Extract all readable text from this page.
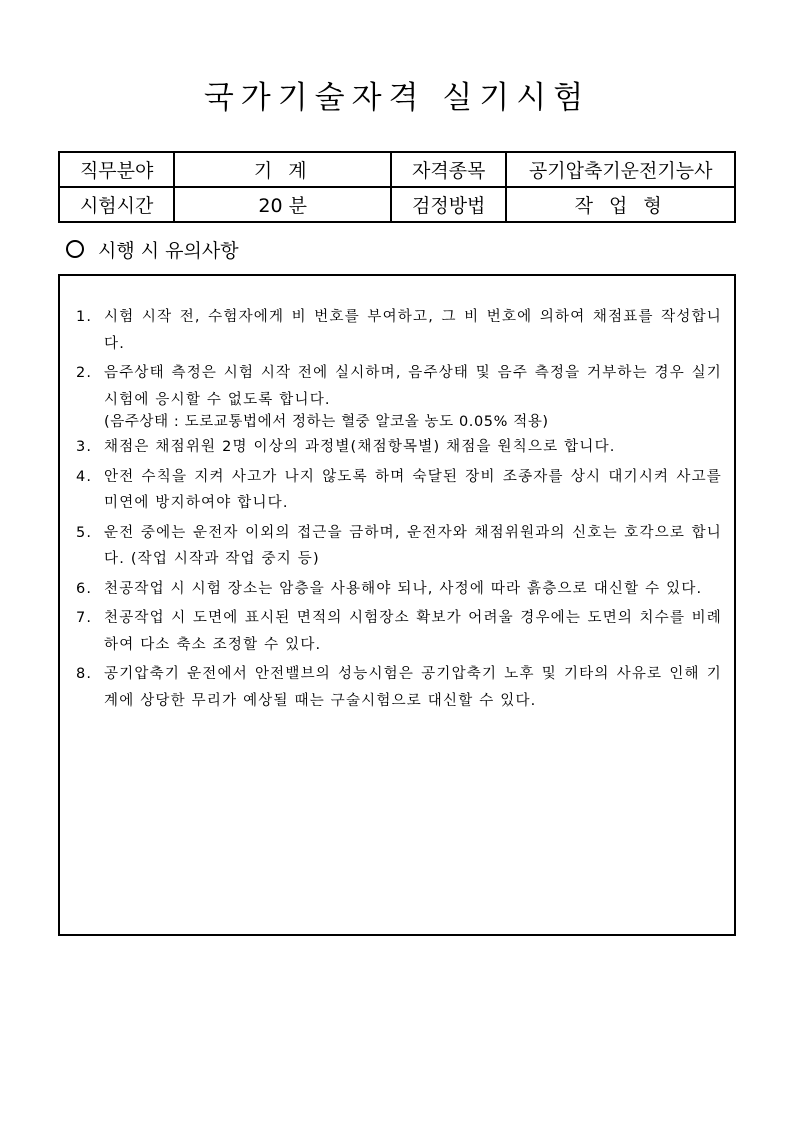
국가기술자격 실기시험
직무분야	기 계	자격종목	공기압축기운전기능사
시험시간	20 분	검정방법	작 업 형
시행 시 유의사항
1. 시험 시작 전, 수험자에게 비 번호를 부여하고, 그 비 번호에 의하여 채점표를 작성합니다.
2. 음주상태 측정은 시험 시작 전에 실시하며, 음주상태 및 음주 측정을 거부하는 경우 실기시험에 응시할 수 없도록 합니다.
(음주상태 : 도로교통법에서 정하는 혈중 알코올 농도 0.05% 적용)
3. 채점은 채점위원 2명 이상의 과정별(채점항목별) 채점을 원칙으로 합니다.
4. 안전 수칙을 지켜 사고가 나지 않도록 하며 숙달된 장비 조종자를 상시 대기시켜 사고를 미연에 방지하여야 합니다.
5. 운전 중에는 운전자 이외의 접근을 금하며, 운전자와 채점위원과의 신호는 호각으로 합니다. (작업 시작과 작업 중지 등)
6. 천공작업 시 시험 장소는 암층을 사용해야 되나, 사정에 따라 흙층으로 대신할 수 있다.
7. 천공작업 시 도면에 표시된 면적의 시험장소 확보가 어려울 경우에는 도면의 치수를 비례하여 다소 축소 조정할 수 있다.
8. 공기압축기 운전에서 안전밸브의 성능시험은 공기압축기 노후 및 기타의 사유로 인해 기계에 상당한 무리가 예상될 때는 구술시험으로 대신할 수 있다.
